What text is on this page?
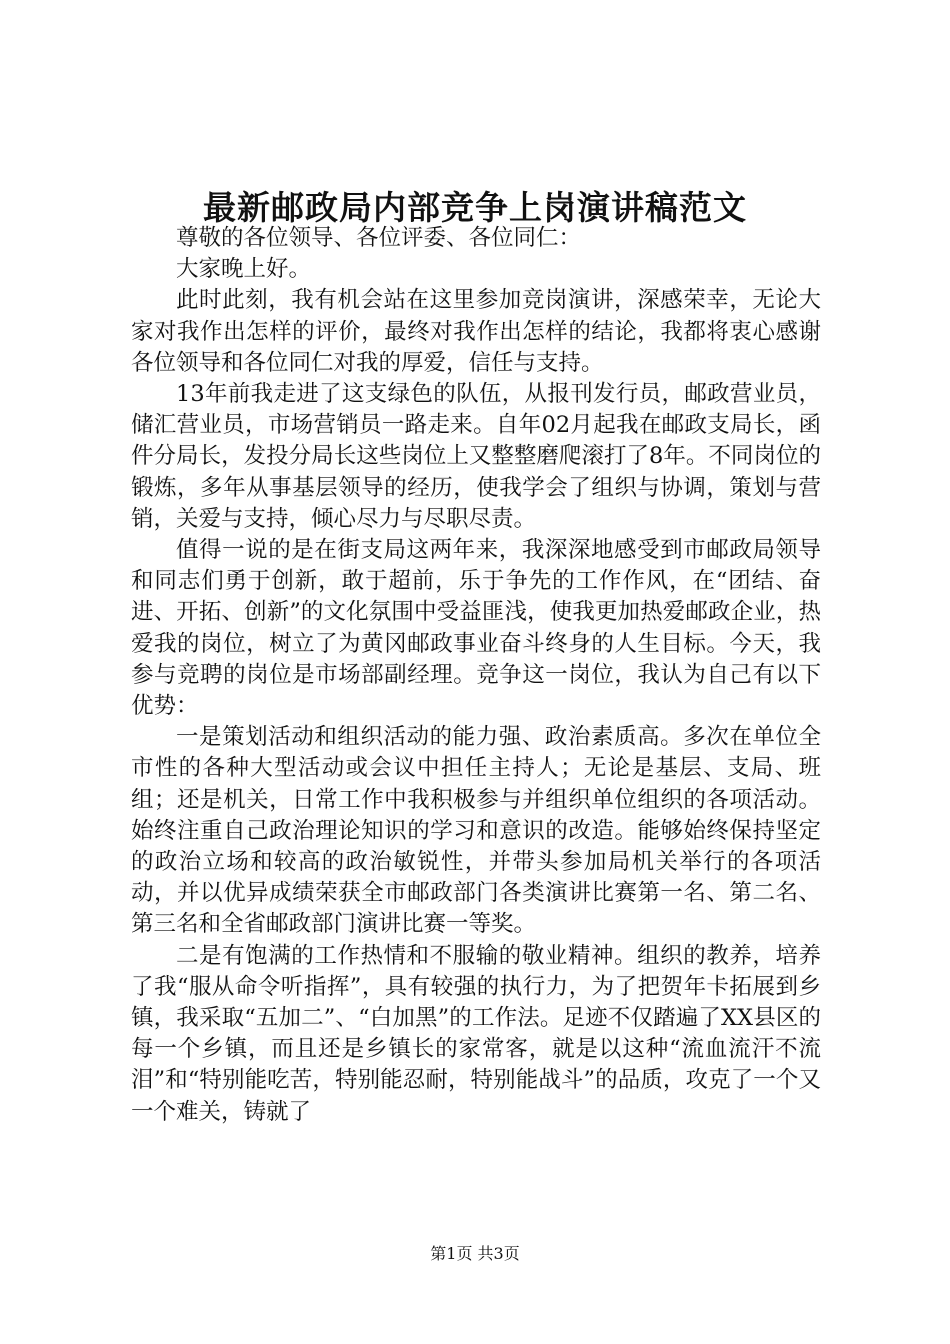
最新邮政局内部竞争上岗演讲稿范文

尊敬的各位领导、各位评委、各位同仁：

大家晚上好。

此时此刻，我有机会站在这里参加竞岗演讲，深感荣幸，无论大家对我作出怎样的评价，最终对我作出怎样的结论，我都将衷心感谢各位领导和各位同仁对我的厚爱，信任与支持。

13年前我走进了这支绿色的队伍，从报刊发行员，邮政营业员，储汇营业员，市场营销员一路走来。自年02月起我在邮政支局长，函件分局长，发投分局长这些岗位上又整整磨爬滚打了8年。不同岗位的锻炼，多年从事基层领导的经历，使我学会了组织与协调，策划与营销，关爱与支持，倾心尽力与尽职尽责。

值得一说的是在街支局这两年来，我深深地感受到市邮政局领导和同志们勇于创新，敢于超前，乐于争先的工作作风，在“团结、奋进、开拓、创新”的文化氛围中受益匪浅，使我更加热爱邮政企业，热爱我的岗位，树立了为黄冈邮政事业奋斗终身的人生目标。今天，我参与竞聘的岗位是市场部副经理。竞争这一岗位，我认为自己有以下优势：

一是策划活动和组织活动的能力强、政治素质高。多次在单位全市性的各种大型活动或会议中担任主持人；无论是基层、支局、班组；还是机关，日常工作中我积极参与并组织单位组织的各项活动。始终注重自己政治理论知识的学习和意识的改造。能够始终保持坚定的政治立场和较高的政治敏锐性，并带头参加局机关举行的各项活动，并以优异成绩荣获全市邮政部门各类演讲比赛第一名、第二名、第三名和全省邮政部门演讲比赛一等奖。

二是有饱满的工作热情和不服输的敬业精神。组织的教养，培养了我“服从命令听指挥”，具有较强的执行力，为了把贺年卡拓展到乡镇，我采取“五加二”、“白加黑”的工作法。足迹不仅踏遍了XX县区的每一个乡镇，而且还是乡镇长的家常客，就是以这种“流血流汗不流泪”和“特别能吃苦，特别能忍耐，特别能战斗”的品质，攻克了一个又一个难关，铸就了

第1页 共3页
